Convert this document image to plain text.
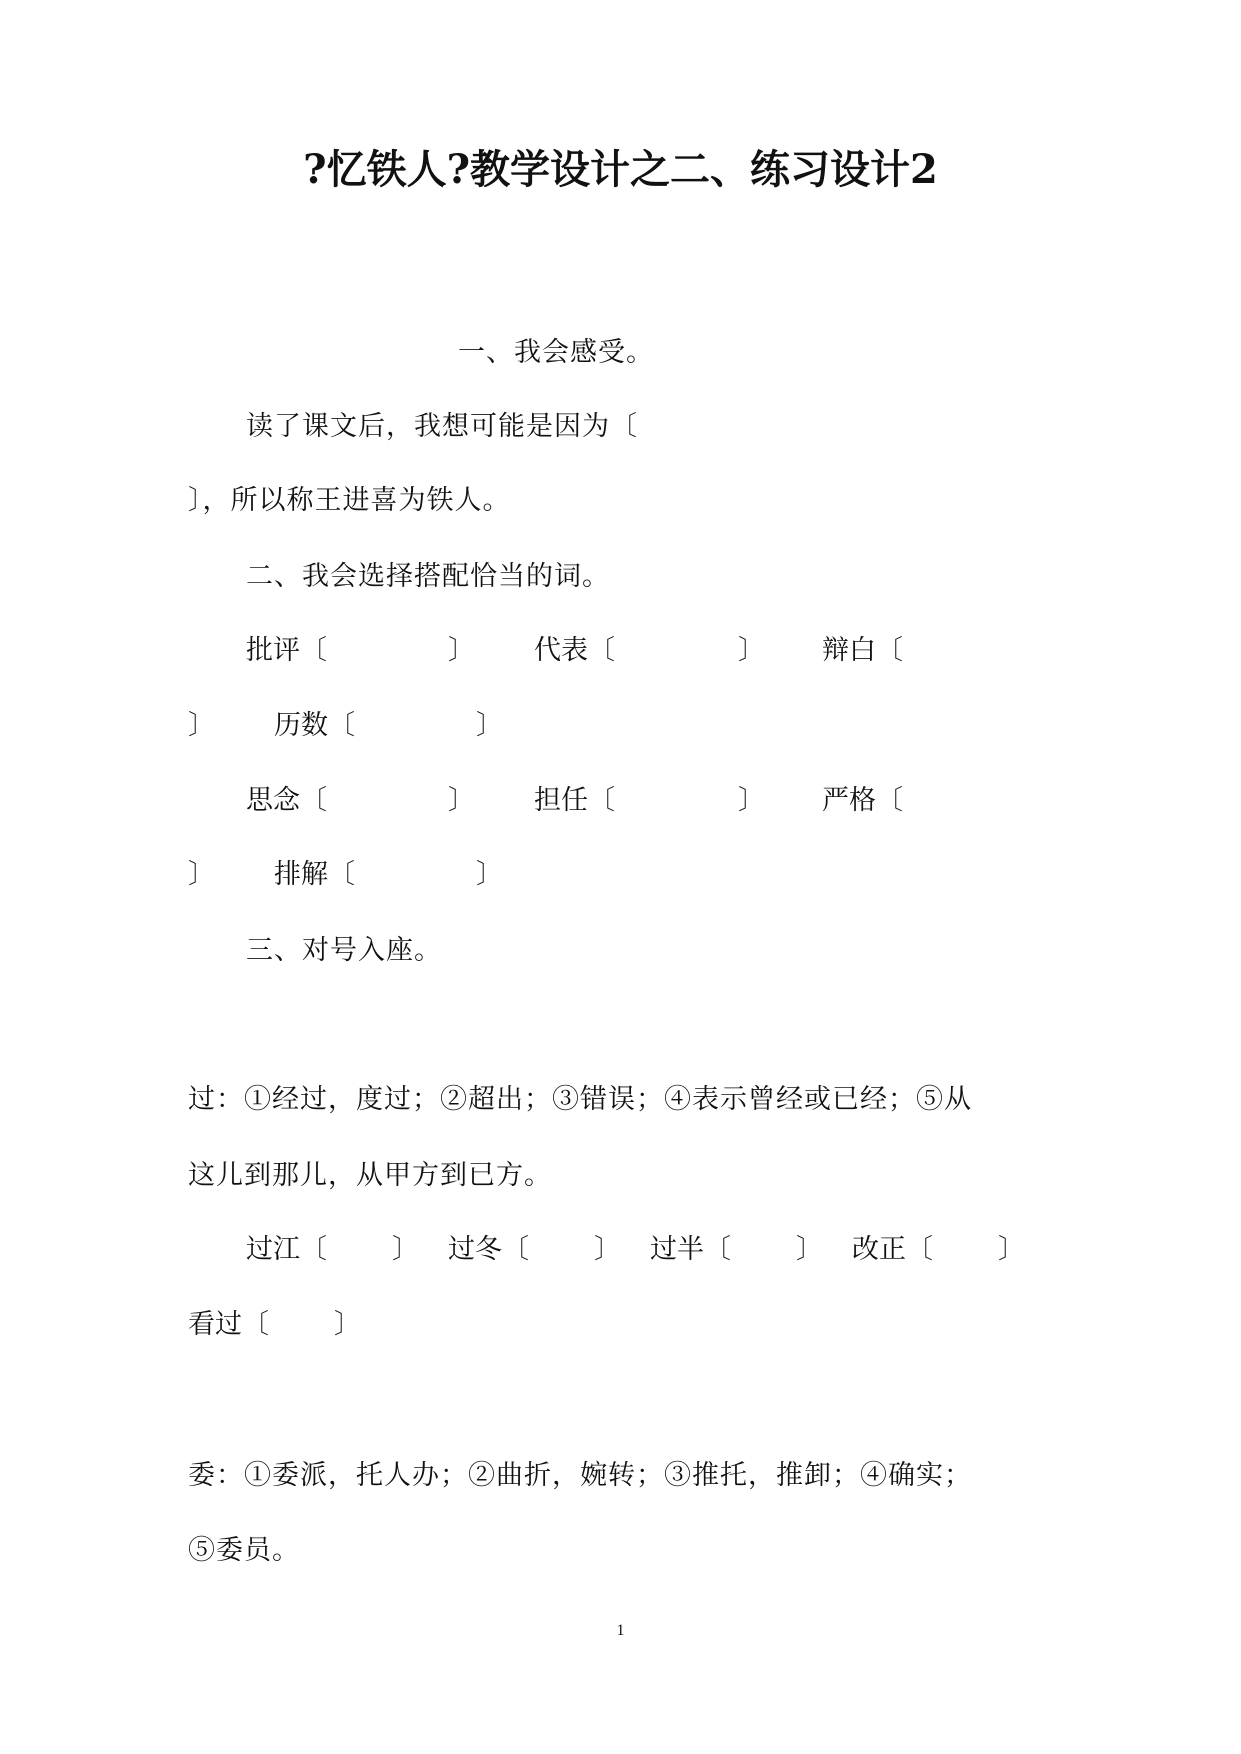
?忆铁人?教学设计之二、练习设计2
一、我会感受。
读了课文后，我想可能是因为〔
〕，所以称王进喜为铁人。
二、我会选择搭配恰当的词。
批评〔	〕 代表〔	〕 辩白〔
〕 历数〔	〕
思念〔	〕 担任〔	〕 严格〔
〕 排解〔	〕
三、对号入座。
过：①经过，度过；②超出；③错误；④表示曾经或已经；⑤从
这儿到那儿，从甲方到已方。
过江〔 〕 过冬〔 〕 过半〔 〕 改正〔 〕
看过〔 〕
委：①委派，托人办；②曲折，婉转；③推托，推卸；④确实；
⑤委员。
1
